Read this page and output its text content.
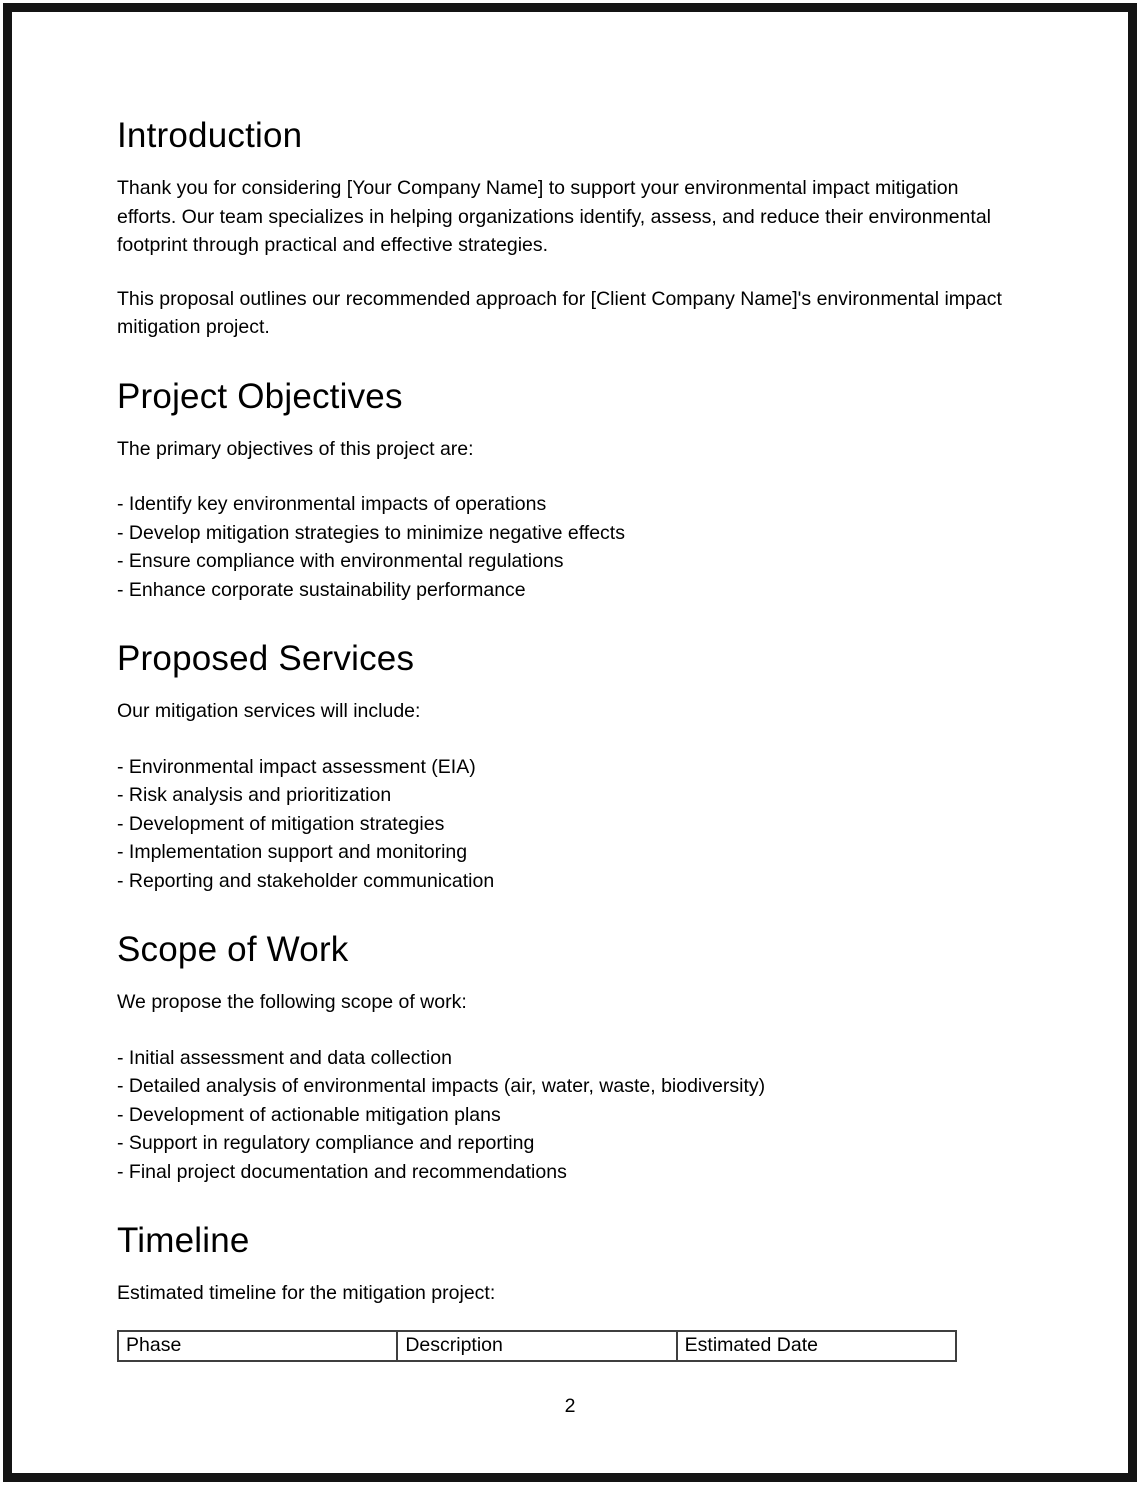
Introduction

Thank you for considering [Your Company Name] to support your environmental impact mitigation efforts. Our team specializes in helping organizations identify, assess, and reduce their environmental footprint through practical and effective strategies.

This proposal outlines our recommended approach for [Client Company Name]'s environmental impact mitigation project.

Project Objectives

The primary objectives of this project are:

- Identify key environmental impacts of operations
- Develop mitigation strategies to minimize negative effects
- Ensure compliance with environmental regulations
- Enhance corporate sustainability performance
Proposed Services

Our mitigation services will include:

- Environmental impact assessment (EIA)
- Risk analysis and prioritization
- Development of mitigation strategies
- Implementation support and monitoring
- Reporting and stakeholder communication
Scope of Work

We propose the following scope of work:

- Initial assessment and data collection
- Detailed analysis of environmental impacts (air, water, waste, biodiversity)
- Development of actionable mitigation plans
- Support in regulatory compliance and reporting
- Final project documentation and recommendations
Timeline

Estimated timeline for the mitigation project:

Phase	Description	Estimated Date
2
